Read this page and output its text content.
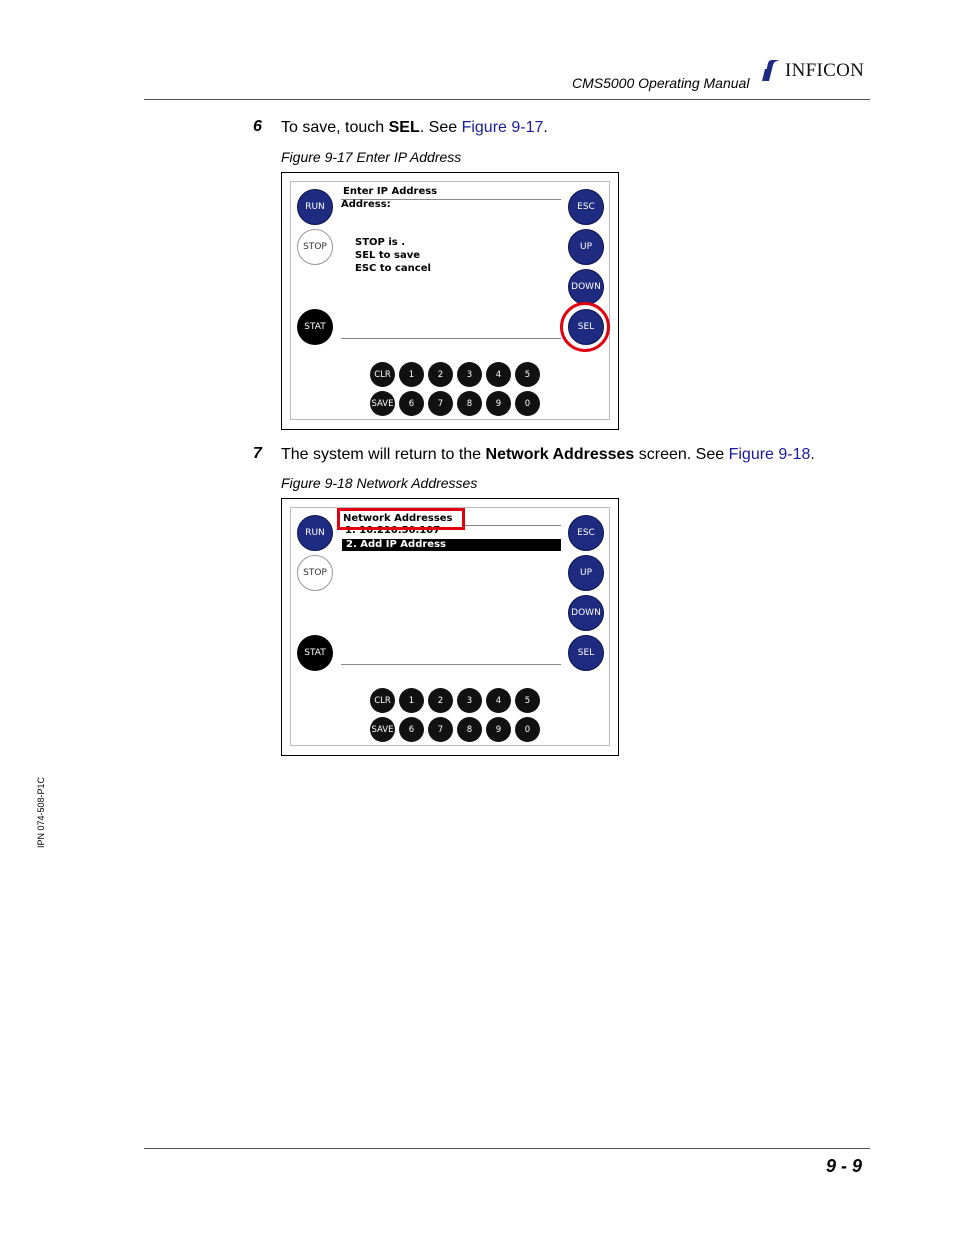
CMS5000 Operating Manual
INFICON
6 To save, touch SEL. See Figure 9-17.
Figure 9-17 Enter IP Address
RUN
STOP
STAT
ESC
UP
DOWN
SEL
Enter IP Address
Address:
STOP is .
SEL to save
ESC to cancel
CLR	1	2	3	4	5
SAVE	6	7	8	9	0
7 The system will return to the Network Addresses screen. See Figure 9-18.
Figure 9-18 Network Addresses
RUN
STOP
STAT
ESC
UP
DOWN
SEL
1. 10.210.50.107
Network Addresses
2. Add IP Address
CLR	1	2	3	4	5
SAVE	6	7	8	9	0
IPN 074-508-P1C
9 - 9
